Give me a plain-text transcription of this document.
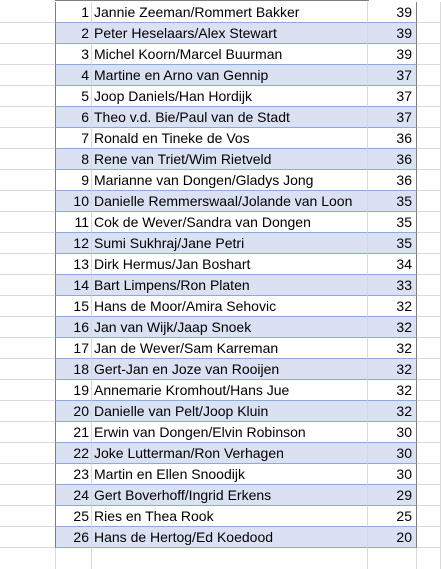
1 Jannie Zeeman/Rommert Bakker	39
2 Peter Heselaars/Alex Stewart	39
3 Michel Koorn/Marcel Buurman	39
4 Martine en Arno van Gennip	37
5 Joop Daniels/Han Hordijk	37
6 Theo v.d. Bie/Paul van de Stadt	37
7 Ronald en Tineke de Vos	36
8 Rene van Triet/Wim Rietveld	36
9 Marianne van Dongen/Gladys Jong	36
10 Danielle Remmerswaal/Jolande van Loon	35
11 Cok de Wever/Sandra van Dongen	35
12 Sumi Sukhraj/Jane Petri	35
13 Dirk Hermus/Jan Boshart	34
14 Bart Limpens/Ron Platen	33
15 Hans de Moor/Amira Sehovic	32
16 Jan van Wijk/Jaap Snoek	32
17 Jan de Wever/Sam Karreman	32
18 Gert-Jan en Joze van Rooijen	32
19 Annemarie Kromhout/Hans Jue	32
20 Danielle van Pelt/Joop Kluin	32
21 Erwin van Dongen/Elvin Robinson	30
22 Joke Lutterman/Ron Verhagen	30
23 Martin en Ellen Snoodijk	30
24 Gert Boverhoff/Ingrid Erkens	29
25 Ries en Thea Rook	25
26 Hans de Hertog/Ed Koedood	20
